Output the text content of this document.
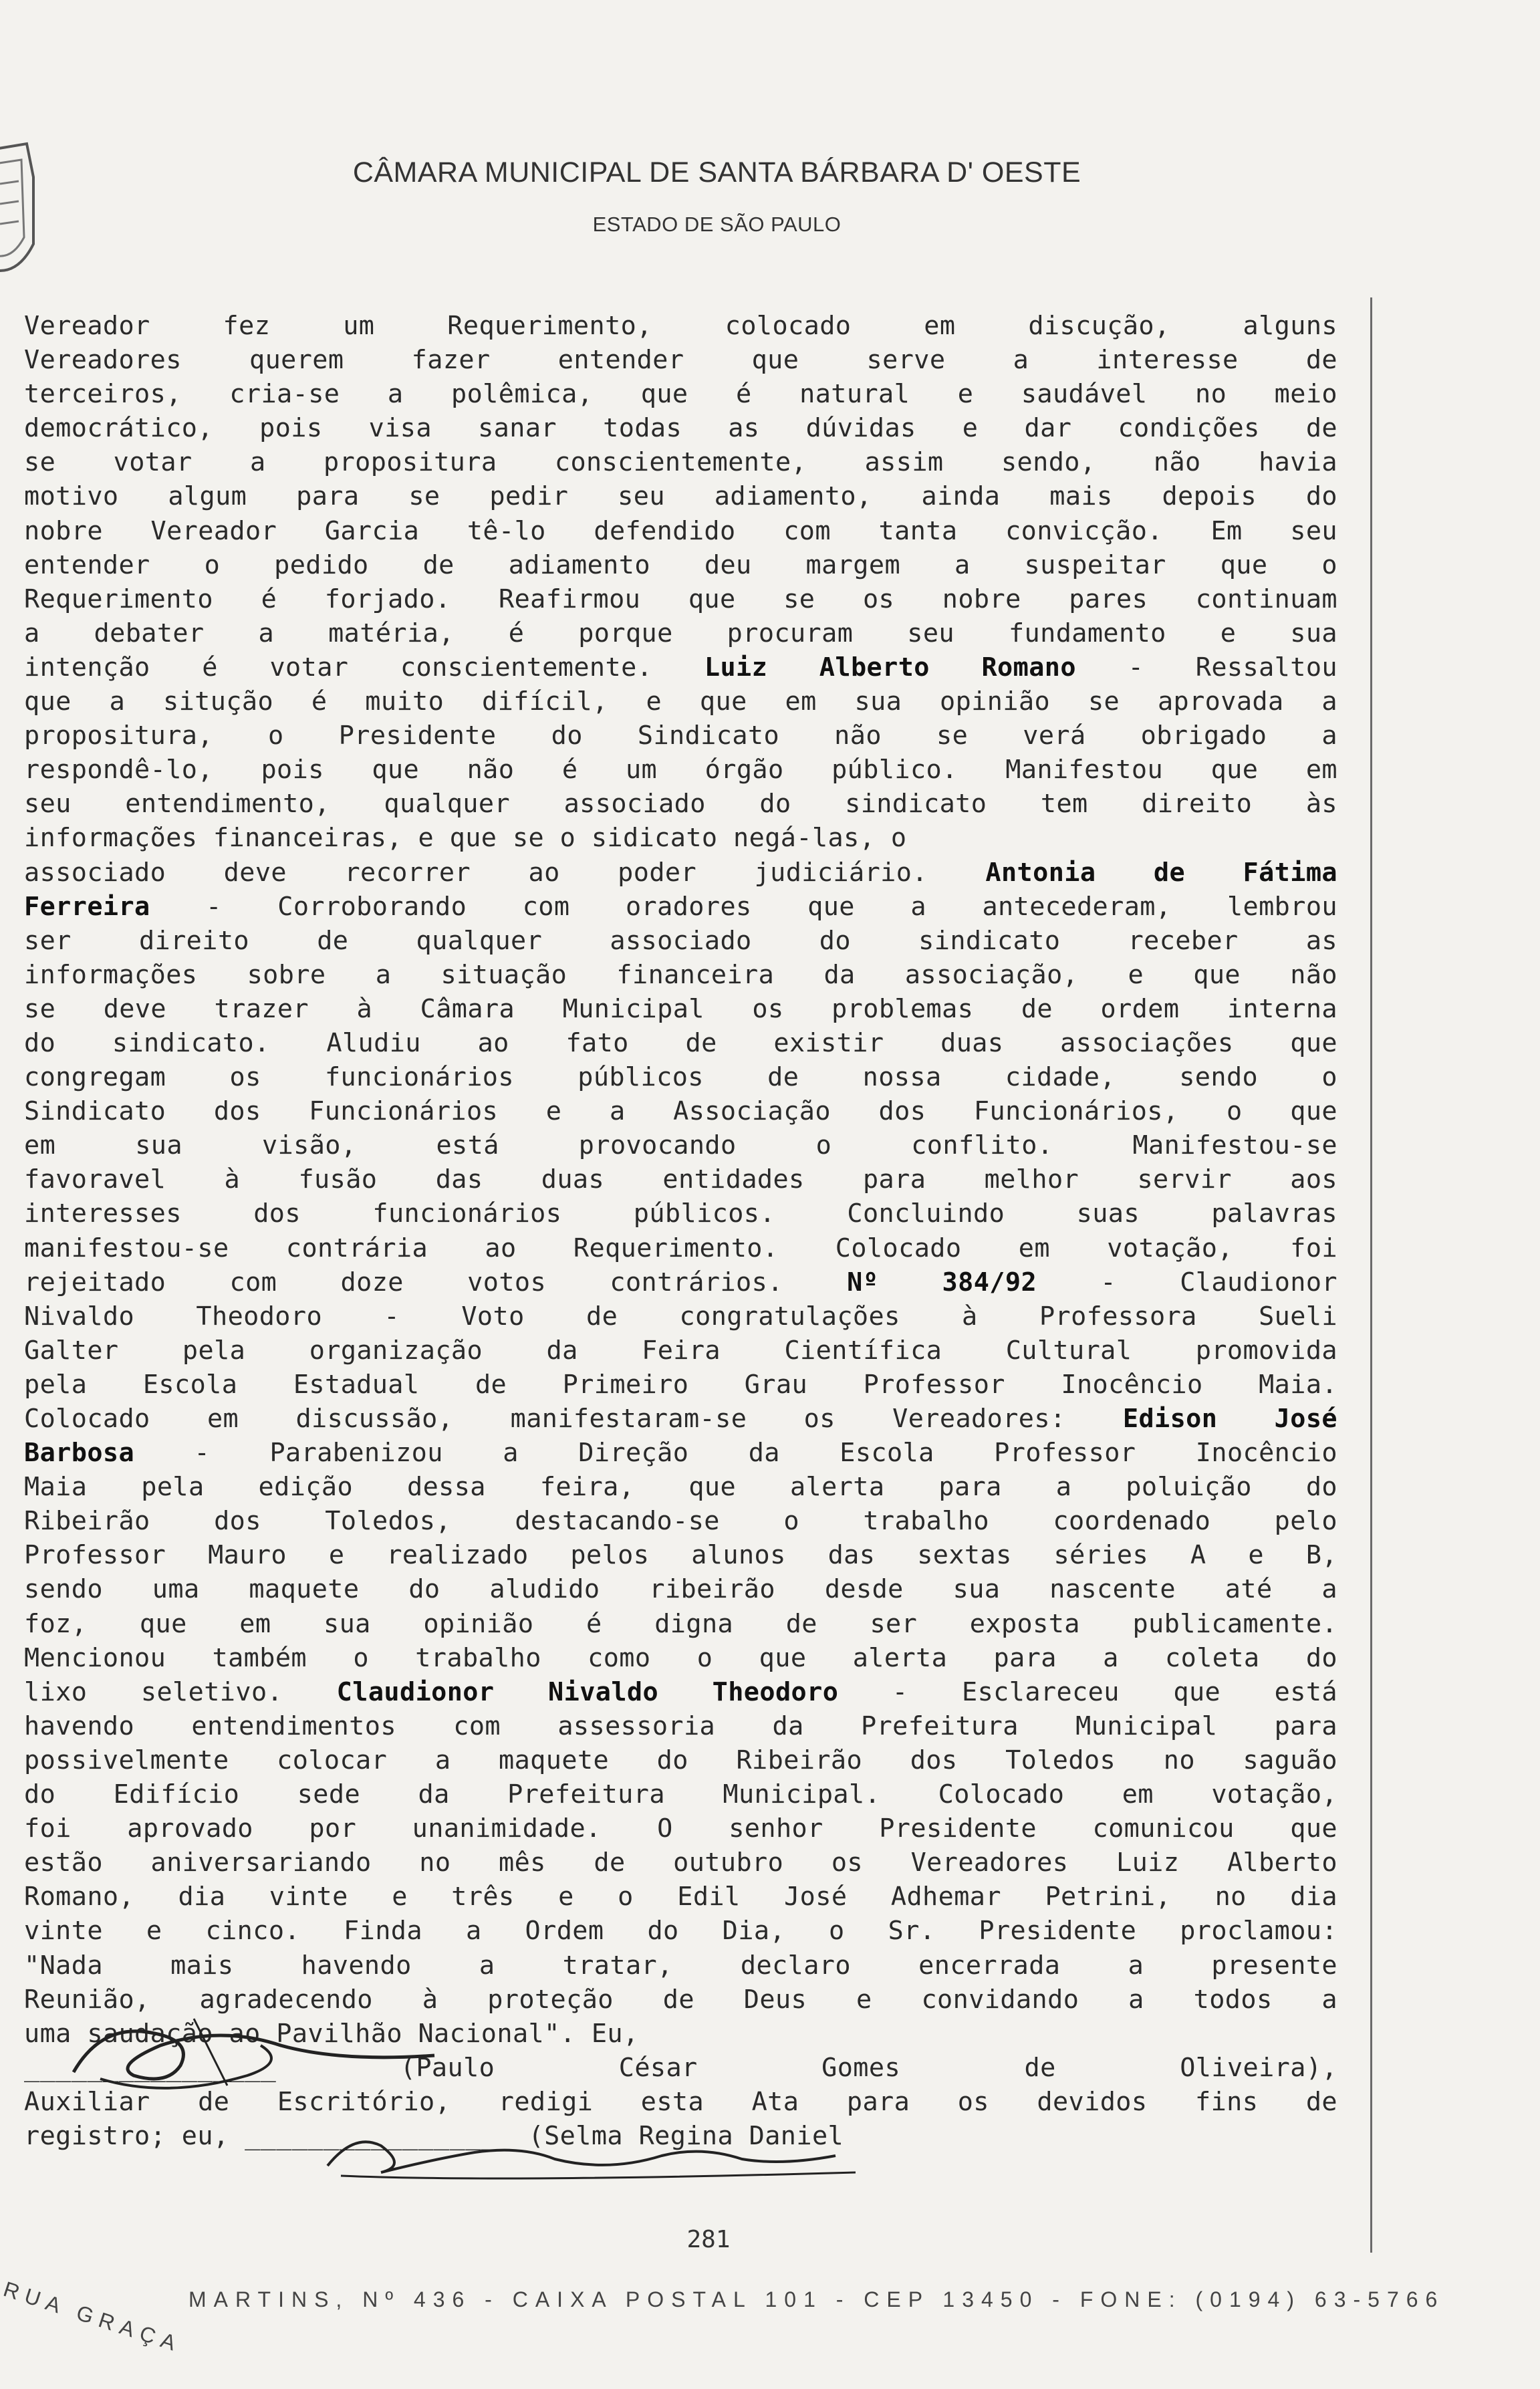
CÂMARA MUNICIPAL DE SANTA BÁRBARA D' OESTE
ESTADO DE SÃO PAULO
Vereador fez um Requerimento, colocado em discução, alguns
Vereadores querem fazer entender que serve a interesse de
terceiros, cria-se a polêmica, que é natural e saudável no meio
democrático, pois visa sanar todas as dúvidas e dar condições de
se votar a propositura conscientemente, assim sendo, não havia
motivo algum para se pedir seu adiamento, ainda mais depois do
nobre Vereador Garcia tê-lo defendido com tanta convicção. Em seu
entender o pedido de adiamento deu margem a suspeitar que o
Requerimento é forjado. Reafirmou que se os nobre pares continuam
a debater a matéria, é porque procuram seu fundamento e sua
intenção é votar conscientemente. Luiz Alberto Romano - Ressaltou
que a situção é muito difícil, e que em sua opinião se aprovada a
propositura, o Presidente do Sindicato não se verá obrigado a
respondê-lo, pois que não é um órgão público. Manifestou que em
seu entendimento, qualquer associado do sindicato tem direito às
informações financeiras, e que se o sidicato negá-las, o
associado deve recorrer ao poder judiciário. Antonia de Fátima
Ferreira - Corroborando com oradores que a antecederam, lembrou
ser direito de qualquer associado do sindicato receber as
informações sobre a situação financeira da associação, e que não
se deve trazer à Câmara Municipal os problemas de ordem interna
do sindicato. Aludiu ao fato de existir duas associações que
congregam os funcionários públicos de nossa cidade, sendo o
Sindicato dos Funcionários e a Associação dos Funcionários, o que
em sua visão, está provocando o conflito. Manifestou-se
favoravel à fusão das duas entidades para melhor servir aos
interesses dos funcionários públicos. Concluindo suas palavras
manifestou-se contrária ao Requerimento. Colocado em votação, foi
rejeitado com doze votos contrários. Nº 384/92 - Claudionor
Nivaldo Theodoro - Voto de congratulações à Professora Sueli
Galter pela organização da Feira Científica Cultural promovida
pela Escola Estadual de Primeiro Grau Professor Inocêncio Maia.
Colocado em discussão, manifestaram-se os Vereadores: Edison José
Barbosa - Parabenizou a Direção da Escola Professor Inocêncio
Maia pela edição dessa feira, que alerta para a poluição do
Ribeirão dos Toledos, destacando-se o trabalho coordenado pelo
Professor Mauro e realizado pelos alunos das sextas séries A e B,
sendo uma maquete do aludido ribeirão desde sua nascente até a
foz, que em sua opinião é digna de ser exposta publicamente.
Mencionou também o trabalho como o que alerta para a coleta do
lixo seletivo. Claudionor Nivaldo Theodoro - Esclareceu que está
havendo entendimentos com assessoria da Prefeitura Municipal para
possivelmente colocar a maquete do Ribeirão dos Toledos no saguão
do Edifício sede da Prefeitura Municipal. Colocado em votação,
foi aprovado por unanimidade. O senhor Presidente comunicou que
estão aniversariando no mês de outubro os Vereadores Luiz Alberto
Romano, dia vinte e três e o Edil José Adhemar Petrini, no dia
vinte e cinco. Finda a Ordem do Dia, o Sr. Presidente proclamou:
"Nada mais havendo a tratar, declaro encerrada a presente
Reunião, agradecendo à proteção de Deus e convidando a todos a
uma saudação ao Pavilhão Nacional". Eu,
________________ (Paulo César Gomes de Oliveira),
Auxiliar de Escritório, redigi esta Ata para os devidos fins de
registro; eu, _________________ (Selma Regina Daniel
281
RUA GRAÇA MARTINS, Nº 436 - CAIXA POSTAL 101 - CEP 13450 - FONE: (0194) 63-5766
